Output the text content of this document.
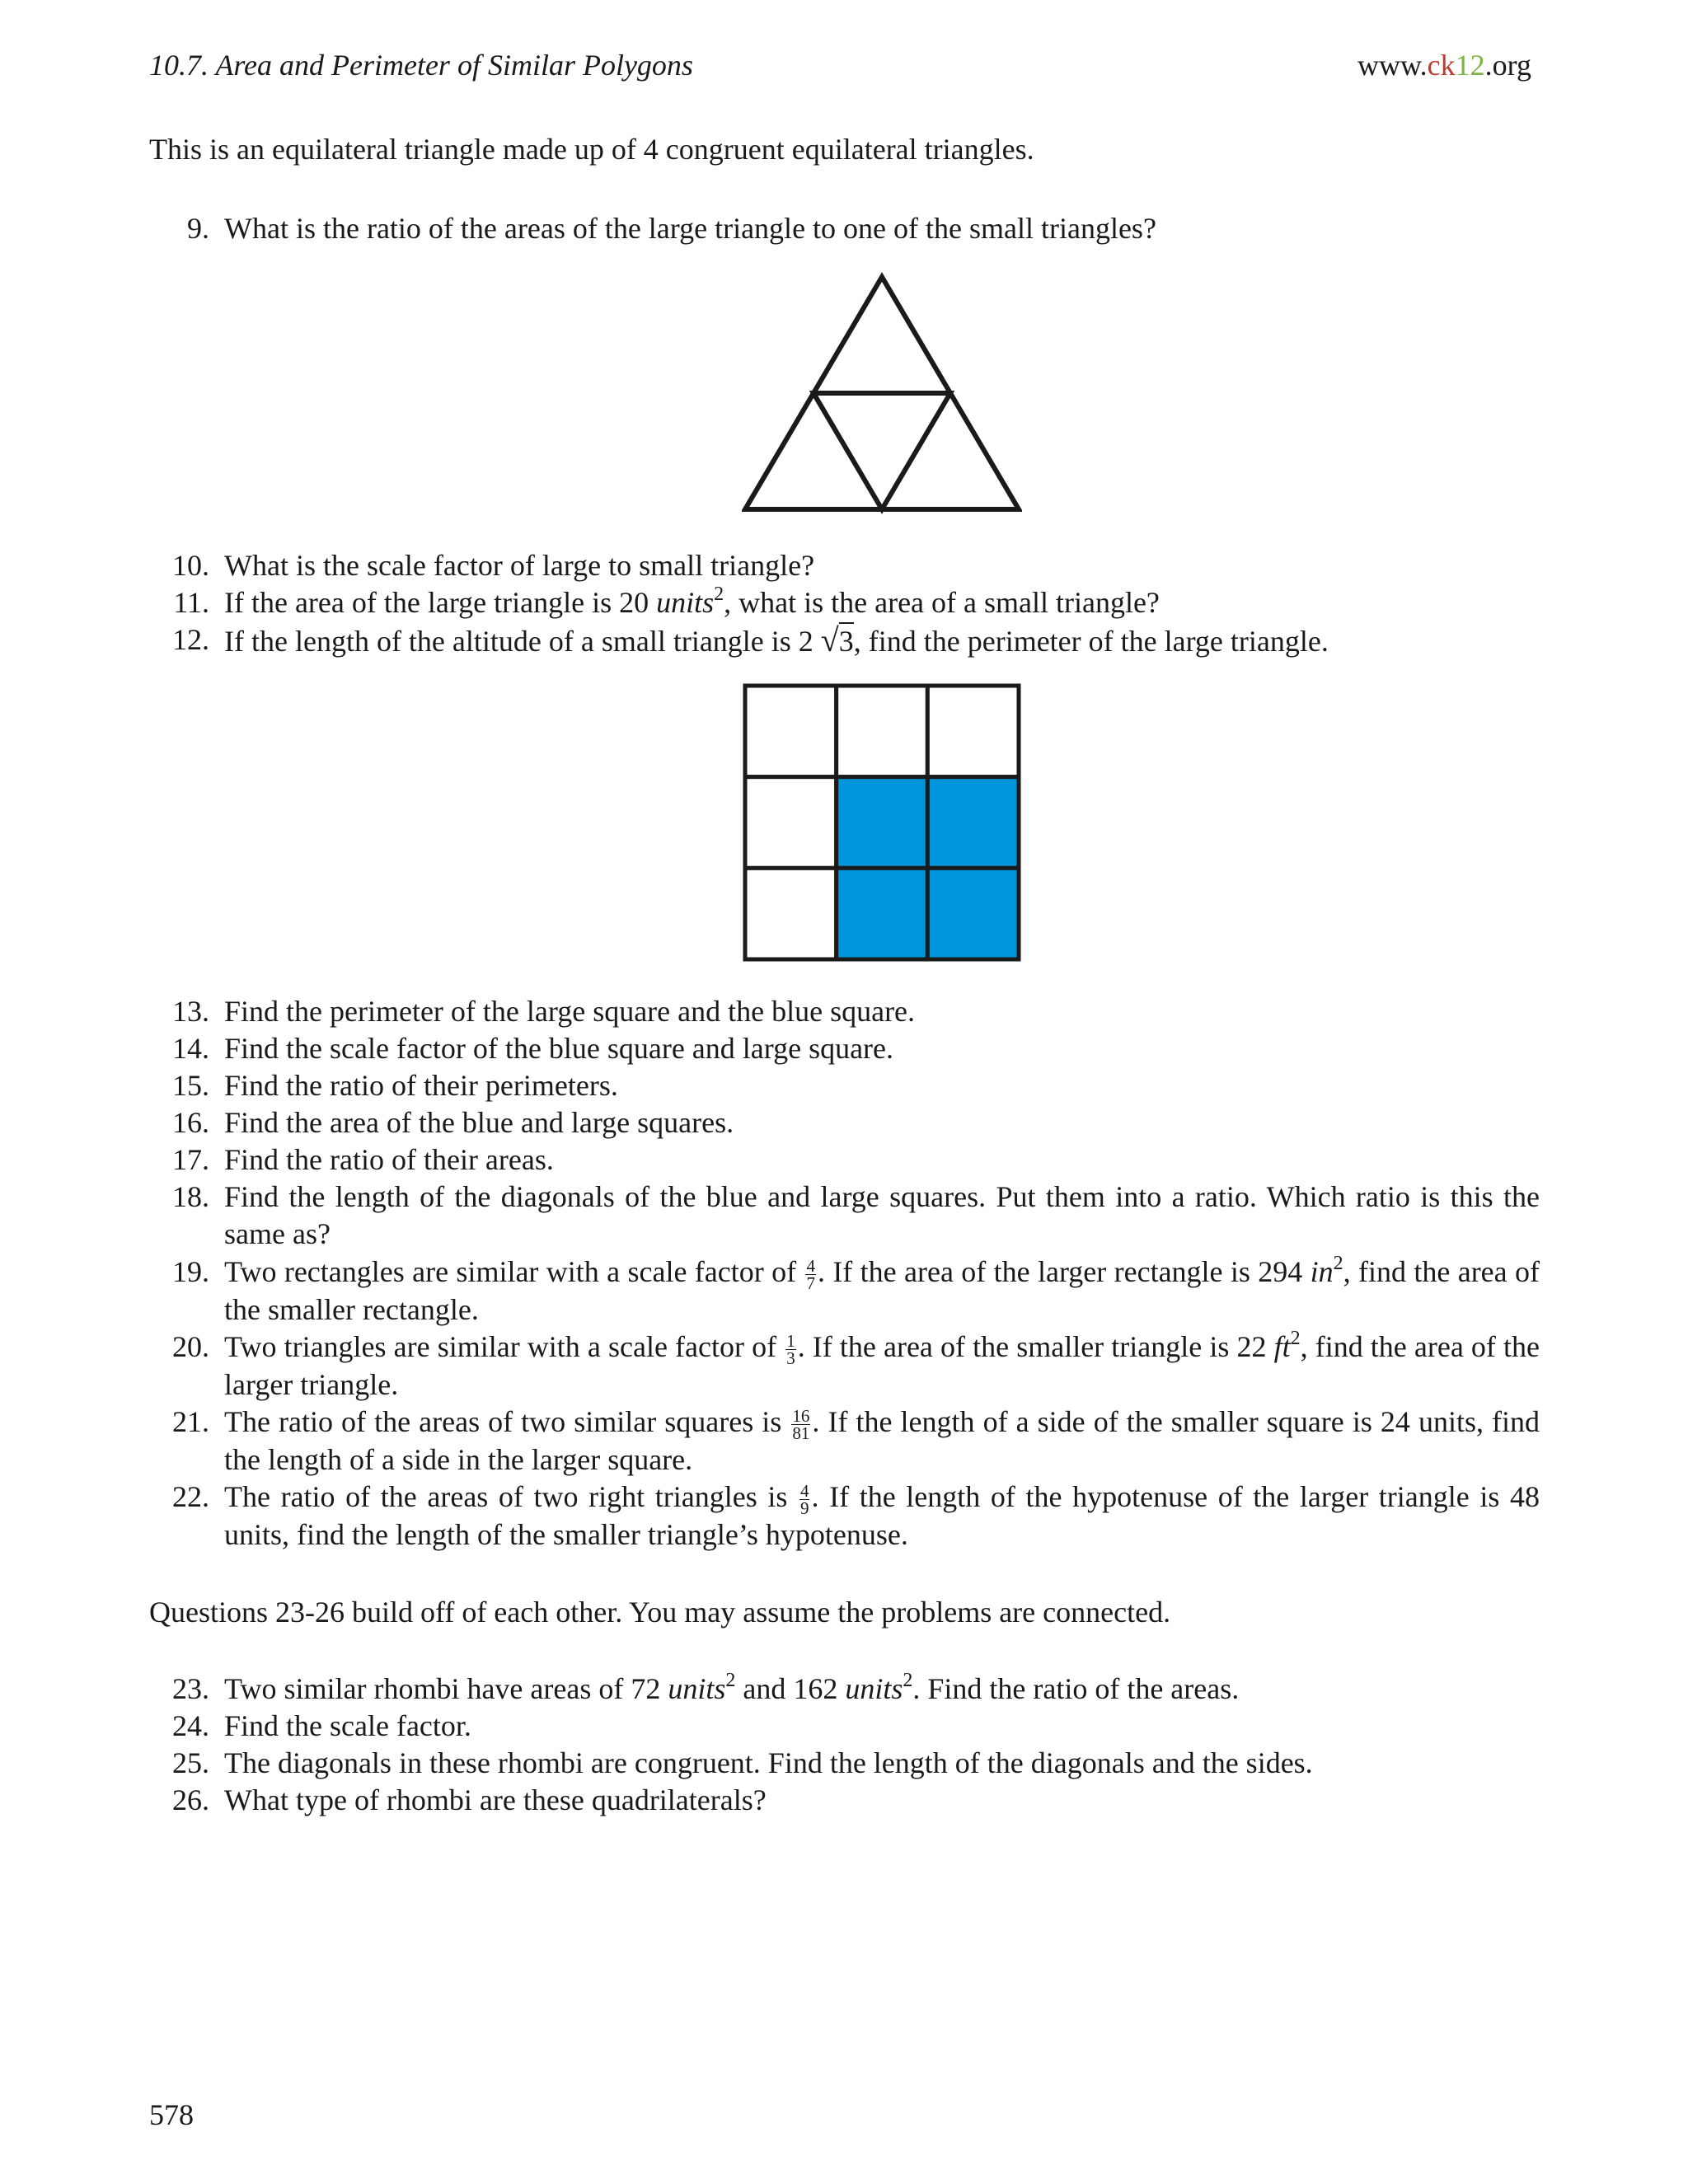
10.7. Area and Perimeter of Similar Polygons	www.ck12.org
This is an equilateral triangle made up of 4 congruent equilateral triangles.
9. What is the ratio of the areas of the large triangle to one of the small triangles?
10. What is the scale factor of large to small triangle?
11. If the area of the large triangle is 20 units$^2$, what is the area of a small triangle?
12. If the length of the altitude of a small triangle is 2 √3, find the perimeter of the large triangle.
13. Find the perimeter of the large square and the blue square.
14. Find the scale factor of the blue square and large square.
15. Find the ratio of their perimeters.
16. Find the area of the blue and large squares.
17. Find the ratio of their areas.
18. Find the length of the diagonals of the blue and large squares. Put them into a ratio. Which ratio is this the same as?
19. Two rectangles are similar with a scale factor of $\frac{4}{7}$ . If the area of the larger rectangle is 294 $in^2$, find the area of the smaller rectangle.
20. Two triangles are similar with a scale factor of $\frac{1}{3}$ . If the area of the smaller triangle is 22 $ft^2$, find the area of the larger triangle.
21. The ratio of the areas of two similar squares is $\frac{16}{81}$ . If the length of a side of the smaller square is 24 units, find the length of a side in the larger square.
22. The ratio of the areas of two right triangles is $\frac{4}{9}$ . If the length of the hypotenuse of the larger triangle is 48 units, find the length of the smaller triangle’s hypotenuse.
Questions 23-26 build off of each other. You may assume the problems are connected.
23. Two similar rhombi have areas of 72 units$^2$ and 162 units$^2$. Find the ratio of the areas.
24. Find the scale factor.
25. The diagonals in these rhombi are congruent. Find the length of the diagonals and the sides.
26. What type of rhombi are these quadrilaterals?
578
